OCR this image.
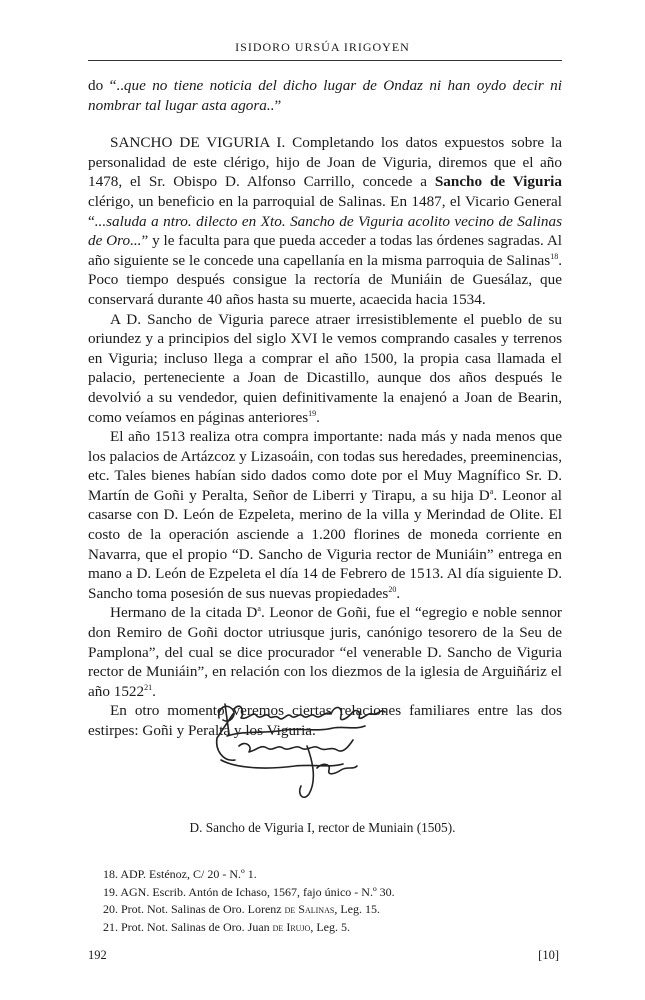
ISIDORO URSÚA IRIGOYEN

do “..que no tiene noticia del dicho lugar de Ondaz ni han oydo decir ni nombrar tal lugar asta agora..”

SANCHO DE VIGURIA I. Completando los datos expuestos sobre la personalidad de este clérigo, hijo de Joan de Viguria, diremos que el año 1478, el Sr. Obispo D. Alfonso Carrillo, concede a Sancho de Viguria clérigo, un beneficio en la parroquial de Salinas. En 1487, el Vicario General “...saluda a ntro. dilecto en Xto. Sancho de Viguria acolito vecino de Salinas de Oro...” y le faculta para que pueda acceder a todas las órdenes sagradas. Al año siguiente se le concede una capellanía en la misma parroquia de Salinas$^{18}$. Poco tiempo después consigue la rectoría de Muniáin de Guesálaz, que conservará durante 40 años hasta su muerte, acaecida hacia 1534.

A D. Sancho de Viguria parece atraer irresistiblemente el pueblo de su oriundez y a principios del siglo XVI le vemos comprando casales y terrenos en Viguria; incluso llega a comprar el año 1500, la propia casa llamada el palacio, perteneciente a Joan de Dicastillo, aunque dos años después le devolvió a su vendedor, quien definitivamente la enajenó a Joan de Bearin, como veíamos en páginas anteriores$^{19}$.

El año 1513 realiza otra compra importante: nada más y nada menos que los palacios de Artázcoz y Lizasoáin, con todas sus heredades, preeminencias, etc. Tales bienes habían sido dados como dote por el Muy Magnífico Sr. D. Martín de Goñi y Peralta, Señor de Liberri y Tirapu, a su hija $D^a$. Leonor al casarse con D. León de Ezpeleta, merino de la villa y Merindad de Olite. El costo de la operación asciende a 1.200 florines de moneda corriente en Navarra, que el propio “D. Sancho de Viguria rector de Muniáin” entrega en mano a D. León de Ezpeleta el día 14 de Febrero de 1513. Al día siguiente D. Sancho toma posesión de sus nuevas propiedades$^{20}$.

Hermano de la citada $D^a$. Leonor de Goñi, fue el “egregio e noble sennor don Remiro de Goñi doctor utriusque juris, canónigo tesorero de la Seu de Pamplona”, del cual se dice procurador “el venerable D. Sancho de Viguria rector de Muniáin”, en relación con los diezmos de la iglesia de Arguiñáriz el año 1522$^{21}$.

En otro momento veremos ciertas relaciones familiares entre las dos estirpes: Goñi y Peralta y los Viguria.

D. Sancho de Viguria I, rector de Muniain (1505).
18. ADP. Esténoz, C/ 20 - N.º 1.
19. AGN. Escrib. Antón de Ichaso, 1567, fajo único - N.º 30.
20. Prot. Not. Salinas de Oro. Lorenz de Salinas, Leg. 15.
21. Prot. Not. Salinas de Oro. Juan de Irujo, Leg. 5.
192	[10]
